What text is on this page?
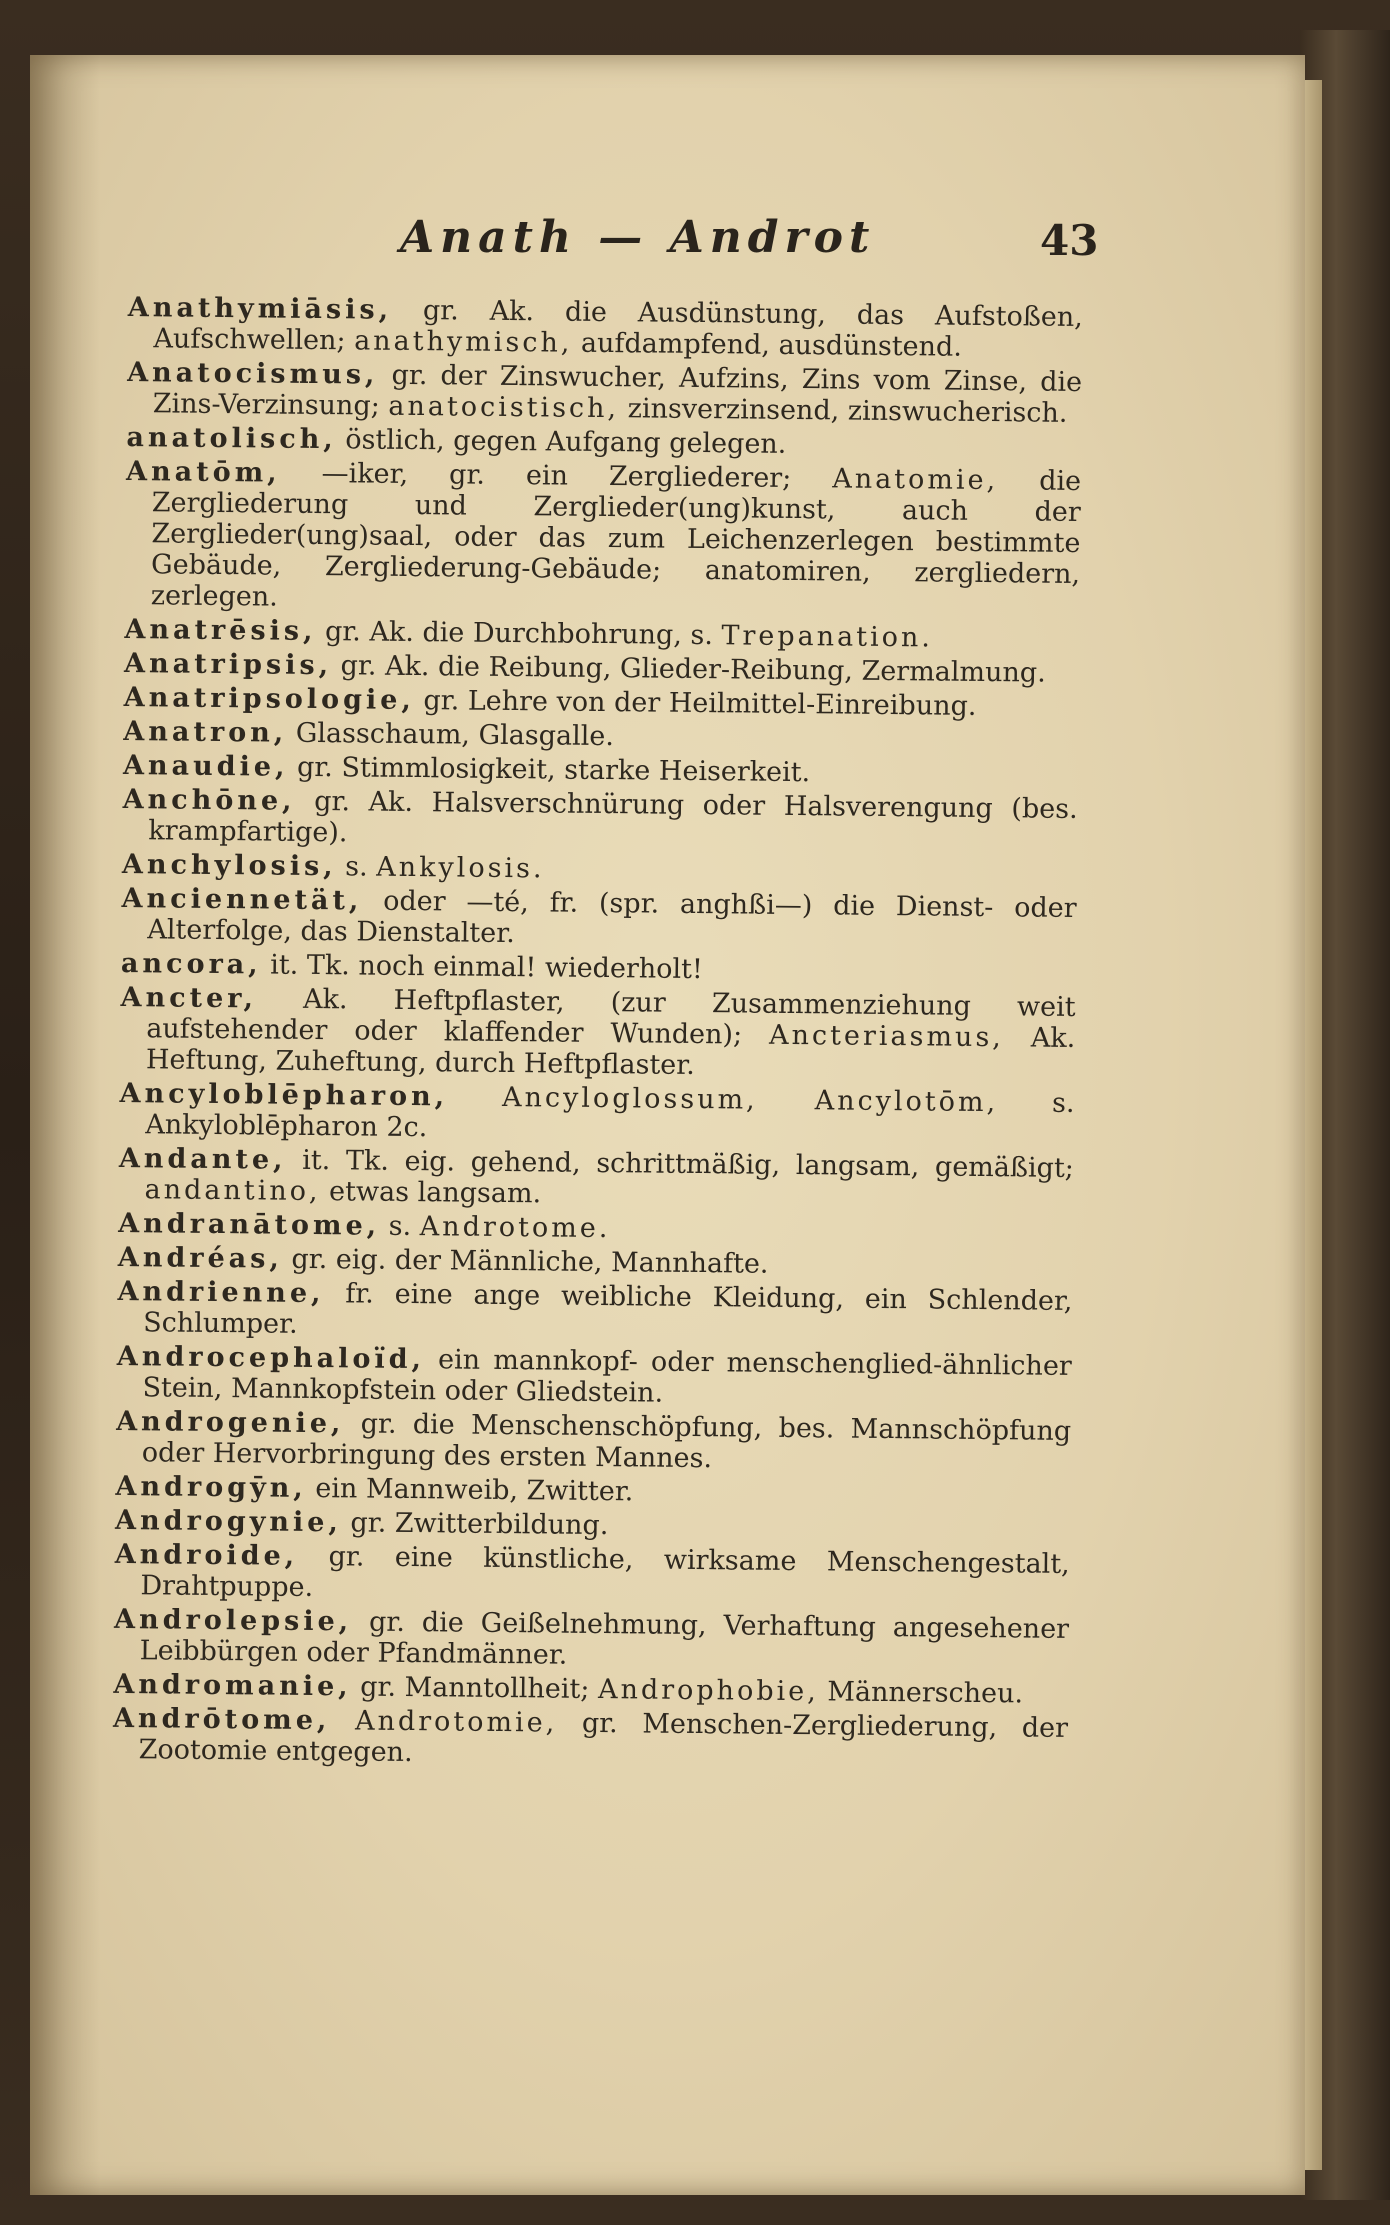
Anath — Androt	43

Anathymiāsis, gr. Ak. die Ausdünstung, das Aufstoßen, Aufschwellen; anathymisch, aufdampfend, ausdünstend.

Anatocismus, gr. der Zinswucher, Aufzins, Zins vom Zinse, die Zins-Verzinsung; anatocistisch, zinsverzinsend, zinswucherisch.

anatolisch, östlich, gegen Aufgang gelegen.

Anatōm, —iker, gr. ein Zergliederer; Anatomie, die Zergliederung und Zerglieder(ung)kunst, auch der Zerglieder(ung)saal, oder das zum Leichenzerlegen bestimmte Gebäude, Zergliederung-Gebäude; anatomiren, zergliedern, zerlegen.

Anatrēsis, gr. Ak. die Durchbohrung, s. Trepanation.

Anatripsis, gr. Ak. die Reibung, Glieder-Reibung, Zermalmung.

Anatripsologie, gr. Lehre von der Heilmittel-Einreibung.

Anatron, Glasschaum, Glasgalle.

Anaudie, gr. Stimmlosigkeit, starke Heiserkeit.

Anchōne, gr. Ak. Halsverschnürung oder Halsverengung (bes. krampfartige).

Anchylosis, s. Ankylosis.

Anciennetät, oder —té, fr. (spr. anghßi—) die Dienst- oder Alterfolge, das Dienstalter.

ancora, it. Tk. noch einmal! wiederholt!

Ancter, Ak. Heftpflaster, (zur Zusammenziehung weit aufstehender oder klaffender Wunden); Ancteriasmus, Ak. Heftung, Zuheftung, durch Heftpflaster.

Ancyloblēpharon, Ancyloglossum, Ancylotōm, s. Ankyloblēpharon 2c.

Andante, it. Tk. eig. gehend, schrittmäßig, langsam, gemäßigt; andantino, etwas langsam.

Andranātome, s. Androtome.

Andréas, gr. eig. der Männliche, Mannhafte.

Andrienne, fr. eine ange weibliche Kleidung, ein Schlender, Schlumper.

Androcephaloïd, ein mannkopf- oder menschenglied-ähnlicher Stein, Mannkopfstein oder Gliedstein.

Androgenie, gr. die Menschenschöpfung, bes. Mannschöpfung oder Hervorbringung des ersten Mannes.

Androgȳn, ein Mannweib, Zwitter.

Androgynie, gr. Zwitterbildung.

Androide, gr. eine künstliche, wirksame Menschengestalt, Drahtpuppe.

Androlepsie, gr. die Geißelnehmung, Verhaftung angesehener Leibbürgen oder Pfandmänner.

Andromanie, gr. Manntollheit; Androphobie, Männerscheu.

Andrōtome, Androtomie, gr. Menschen-Zergliederung, der Zootomie entgegen.
